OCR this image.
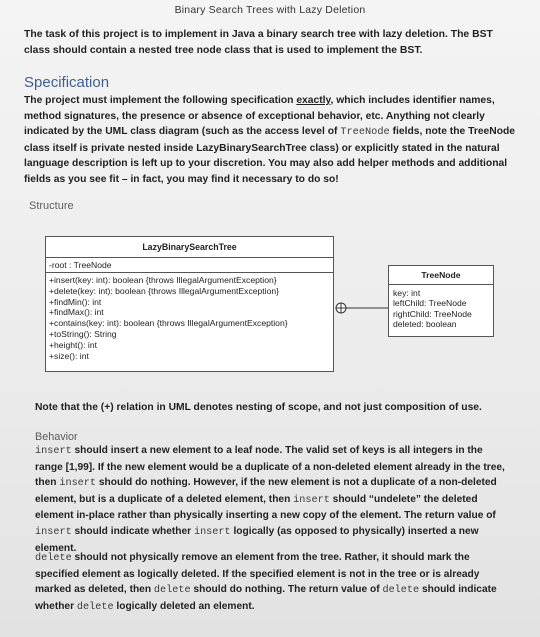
Binary Search Trees with Lazy Deletion

The task of this project is to implement in Java a binary search tree with lazy deletion. The BST class should contain a nested tree node class that is used to implement the BST.

Specification

The project must implement the following specification exactly, which includes identifier names, method signatures, the presence or absence of exceptional behavior, etc. Anything not clearly indicated by the UML class diagram (such as the access level of TreeNode fields, note the TreeNode class itself is private nested inside LazyBinarySearchTree class) or explicitly stated in the natural language description is left up to your discretion. You may also add helper methods and additional fields as you see fit – in fact, you may find it necessary to do so!

Structure
LazyBinarySearchTree
-root : TreeNode
+insert(key: int): boolean {throws IllegalArgumentException}
+delete(key: int): boolean {throws IllegalArgumentException}
+findMin(): int
+findMax(): int
+contains(key: int): boolean {throws IllegalArgumentException}
+toString(): String
+height(): int
+size(): int
TreeNode
key: int
leftChild: TreeNode
rightChild: TreeNode
deleted: boolean
Note that the (+) relation in UML denotes nesting of scope, and not just composition of use.
Behavior

insert should insert a new element to a leaf node. The valid set of keys is all integers in the range [1,99]. If the new element would be a duplicate of a non-deleted element already in the tree, then insert should do nothing. However, if the new element is not a duplicate of a non-deleted element, but is a duplicate of a deleted element, then insert should “undelete” the deleted element in-place rather than physically inserting a new copy of the element. The return value of insert should indicate whether insert logically (as opposed to physically) inserted a new element.

delete should not physically remove an element from the tree. Rather, it should mark the specified element as logically deleted. If the specified element is not in the tree or is already marked as deleted, then delete should do nothing. The return value of delete should indicate whether delete logically deleted an element.
